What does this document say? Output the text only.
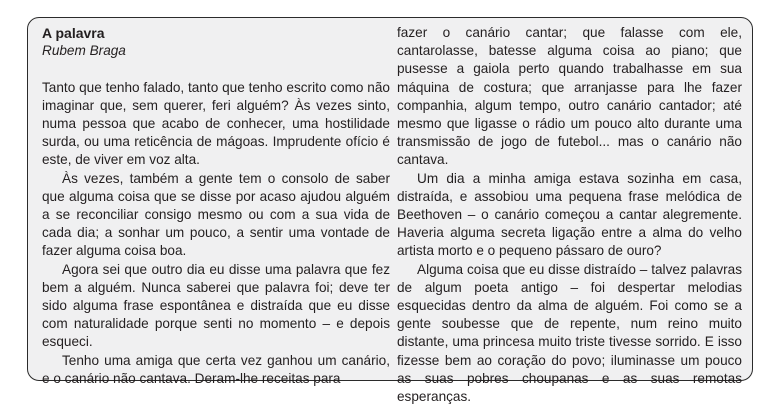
A palavra
Rubem Braga

Tanto que tenho falado, tanto que tenho escrito como não imaginar que, sem querer, feri alguém? Às vezes sinto, numa pessoa que acabo de conhecer, uma hostilidade surda, ou uma reticência de mágoas. Imprudente ofício é este, de viver em voz alta.

Às vezes, também a gente tem o consolo de saber que alguma coisa que se disse por acaso ajudou alguém a se reconciliar consigo mesmo ou com a sua vida de cada dia; a sonhar um pouco, a sentir uma vontade de fazer alguma coisa boa.

Agora sei que outro dia eu disse uma palavra que fez bem a alguém. Nunca saberei que palavra foi; deve ter sido alguma frase espontânea e distraída que eu disse com naturalidade porque senti no momento – e depois esqueci.

Tenho uma amiga que certa vez ganhou um canário, e o canário não cantava. Deram-lhe receitas para

fazer o canário cantar; que falasse com ele, cantarolasse, batesse alguma coisa ao piano; que pusesse a gaiola perto quando trabalhasse em sua máquina de costura; que arranjasse para lhe fazer companhia, algum tempo, outro canário cantador; até mesmo que ligasse o rádio um pouco alto durante uma transmissão de jogo de futebol... mas o canário não cantava.

Um dia a minha amiga estava sozinha em casa, distraída, e assobiou uma pequena frase melódica de Beethoven – o canário começou a cantar alegremente. Haveria alguma secreta ligação entre a alma do velho artista morto e o pequeno pássaro de ouro?

Alguma coisa que eu disse distraído – talvez palavras de algum poeta antigo – foi despertar melodias esquecidas dentro da alma de alguém. Foi como se a gente soubesse que de repente, num reino muito distante, uma princesa muito triste tivesse sorrido. E isso fizesse bem ao coração do povo; iluminasse um pouco as suas pobres choupanas e as suas remotas esperanças.
